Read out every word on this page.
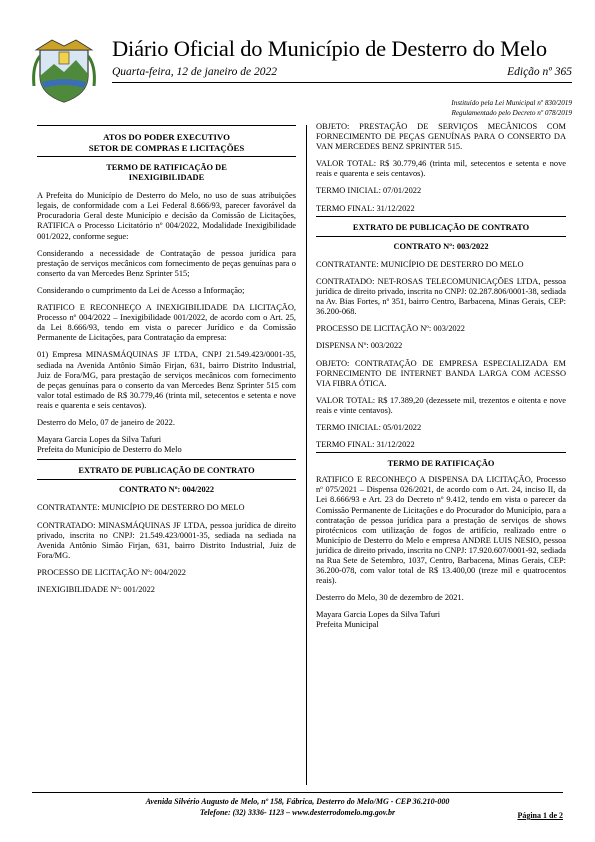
Diário Oficial do Município de Desterro do Melo
Quarta-feira, 12 de janeiro de 2022	Edição nº 365
Instituído pela Lei Municipal nº 830/2019
Regulamentado pelo Decreto nº 078/2019
ATOS DO PODER EXECUTIVO
SETOR DE COMPRAS E LICITAÇÕES
TERMO DE RATIFICAÇÃO DE
INEXIGIBILIDADE

A Prefeita do Município de Desterro do Melo, no uso de suas atribuições legais, de conformidade com a Lei Federal 8.666/93, parecer favorável da Procuradoria Geral deste Município e decisão da Comissão de Licitações, RATIFICA o Processo Licitatório nº 004/2022, Modalidade Inexigibilidade 001/2022, conforme segue:

Considerando a necessidade de Contratação de pessoa jurídica para prestação de serviços mecânicos com fornecimento de peças genuínas para o conserto da van Mercedes Benz Sprinter 515;

Considerando o cumprimento da Lei de Acesso a Informação;

RATIFICO E RECONHEÇO A INEXIGIBILIDADE DA LICITAÇÃO, Processo nº 004/2022 – Inexigibilidade 001/2022, de acordo com o Art. 25, da Lei 8.666/93, tendo em vista o parecer Jurídico e da Comissão Permanente de Licitações, para Contratação da empresa:

01) Empresa MINASMÁQUINAS JF LTDA, CNPJ 21.549.423/0001-35, sediada na Avenida Antônio Simão Firjan, 631, bairro Distrito Industrial, Juiz de Fora/MG, para prestação de serviços mecânicos com fornecimento de peças genuínas para o conserto da van Mercedes Benz Sprinter 515 com valor total estimado de R$ 30.779,46 (trinta mil, setecentos e setenta e nove reais e quarenta e seis centavos).

Desterro do Melo, 07 de janeiro de 2022.

Mayara Garcia Lopes da Silva Tafuri
Prefeita do Município de Desterro do Melo
EXTRATO DE PUBLICAÇÃO DE CONTRATO
CONTRATO Nº: 004/2022

CONTRATANTE: MUNICÍPIO DE DESTERRO DO MELO

CONTRATADO: MINASMÁQUINAS JF LTDA, pessoa jurídica de direito privado, inscrita no CNPJ: 21.549.423/0001-35, sediada na sediada na Avenida Antônio Simão Firjan, 631, bairro Distrito Industrial, Juiz de Fora/MG.

PROCESSO DE LICITAÇÃO Nº: 004/2022

INEXIGIBILIDADE Nº: 001/2022

OBJETO: PRESTAÇÃO DE SERVIÇOS MECÂNICOS COM FORNECIMENTO DE PEÇAS GENUÍNAS PARA O CONSERTO DA VAN MERCEDES BENZ SPRINTER 515.

VALOR TOTAL: R$ 30.779,46 (trinta mil, setecentos e setenta e nove reais e quarenta e seis centavos).

TERMO INICIAL: 07/01/2022

TERMO FINAL: 31/12/2022

EXTRATO DE PUBLICAÇÃO DE CONTRATO
CONTRATO Nº: 003/2022

CONTRATANTE: MUNICÍPIO DE DESTERRO DO MELO

CONTRATADO: NET-ROSAS TELECOMUNICAÇÕES LTDA, pessoa jurídica de direito privado, inscrita no CNPJ: 02.287.806/0001-38, sediada na Av. Bias Fortes, nº 351, bairro Centro, Barbacena, Minas Gerais, CEP: 36.200-068.

PROCESSO DE LICITAÇÃO Nº: 003/2022

DISPENSA Nº: 003/2022

OBJETO: CONTRATAÇÃO DE EMPRESA ESPECIALIZADA EM FORNECIMENTO DE INTERNET BANDA LARGA COM ACESSO VIA FIBRA ÓTICA.

VALOR TOTAL: R$ 17.389,20 (dezessete mil, trezentos e oitenta e nove reais e vinte centavos).

TERMO INICIAL: 05/01/2022

TERMO FINAL: 31/12/2022

TERMO DE RATIFICAÇÃO

RATIFICO E RECONHEÇO A DISPENSA DA LICITAÇÃO, Processo nº 075/2021 – Dispensa 026/2021, de acordo com o Art. 24, inciso II, da Lei 8.666/93 e Art. 23 do Decreto nº 9.412, tendo em vista o parecer da Comissão Permanente de Licitações e do Procurador do Município, para a contratação de pessoa jurídica para a prestação de serviços de shows pirotécnicos com utilização de fogos de artifício, realizado entre o Município de Desterro do Melo e empresa ANDRE LUIS NESIO, pessoa jurídica de direito privado, inscrita no CNPJ: 17.920.607/0001-92, sediada na Rua Sete de Setembro, 1037, Centro, Barbacena, Minas Gerais, CEP: 36.200-078, com valor total de R$ 13.400,00 (treze mil e quatrocentos reais).

Desterro do Melo, 30 de dezembro de 2021.

Mayara Garcia Lopes da Silva Tafuri
Prefeita Municipal
Avenida Silvério Augusto de Melo, nº 158, Fábrica, Desterro do Melo/MG - CEP 36.210-000
Telefone: (32) 3336- 1123 – www.desterrodomelo.mg.gov.br	Página 1 de 2
